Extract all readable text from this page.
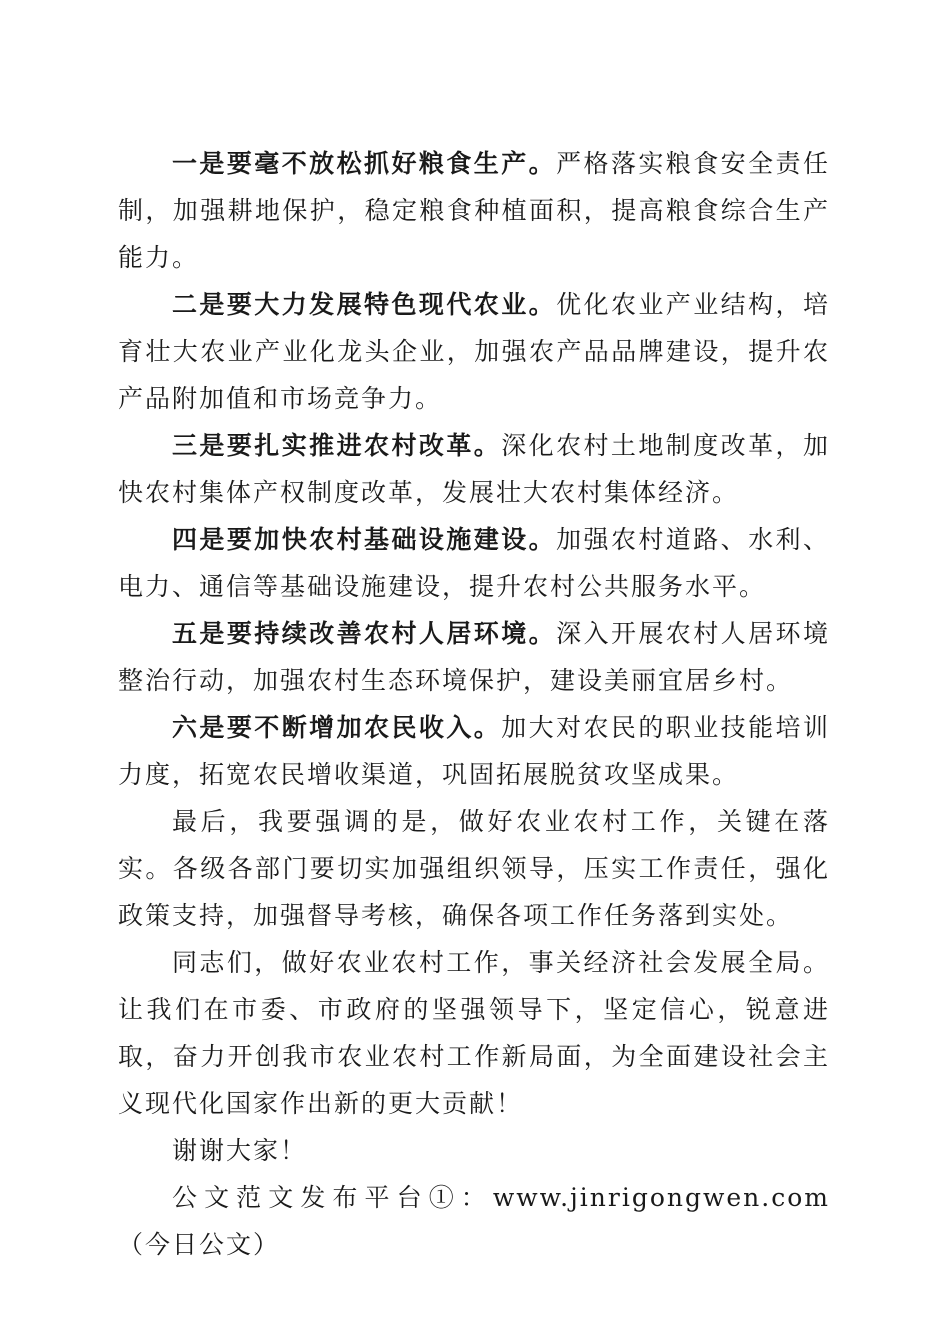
一是要毫不放松抓好粮食生产。严格落实粮食安全责任制，加强耕地保护，稳定粮食种植面积，提高粮食综合生产能力。

二是要大力发展特色现代农业。优化农业产业结构，培育壮大农业产业化龙头企业，加强农产品品牌建设，提升农产品附加值和市场竞争力。

三是要扎实推进农村改革。深化农村土地制度改革，加快农村集体产权制度改革，发展壮大农村集体经济。

四是要加快农村基础设施建设。加强农村道路、水利、电力、通信等基础设施建设，提升农村公共服务水平。

五是要持续改善农村人居环境。深入开展农村人居环境整治行动，加强农村生态环境保护，建设美丽宜居乡村。

六是要不断增加农民收入。加大对农民的职业技能培训力度，拓宽农民增收渠道，巩固拓展脱贫攻坚成果。

最后，我要强调的是，做好农业农村工作，关键在落实。各级各部门要切实加强组织领导，压实工作责任，强化政策支持，加强督导考核，确保各项工作任务落到实处。

同志们，做好农业农村工作，事关经济社会发展全局。让我们在市委、市政府的坚强领导下，坚定信心，锐意进取，奋力开创我市农业农村工作新局面，为全面建设社会主义现代化国家作出新的更大贡献！

谢谢大家！

公文范文发布平台①：www.jinrigongwen.com（今日公文）
